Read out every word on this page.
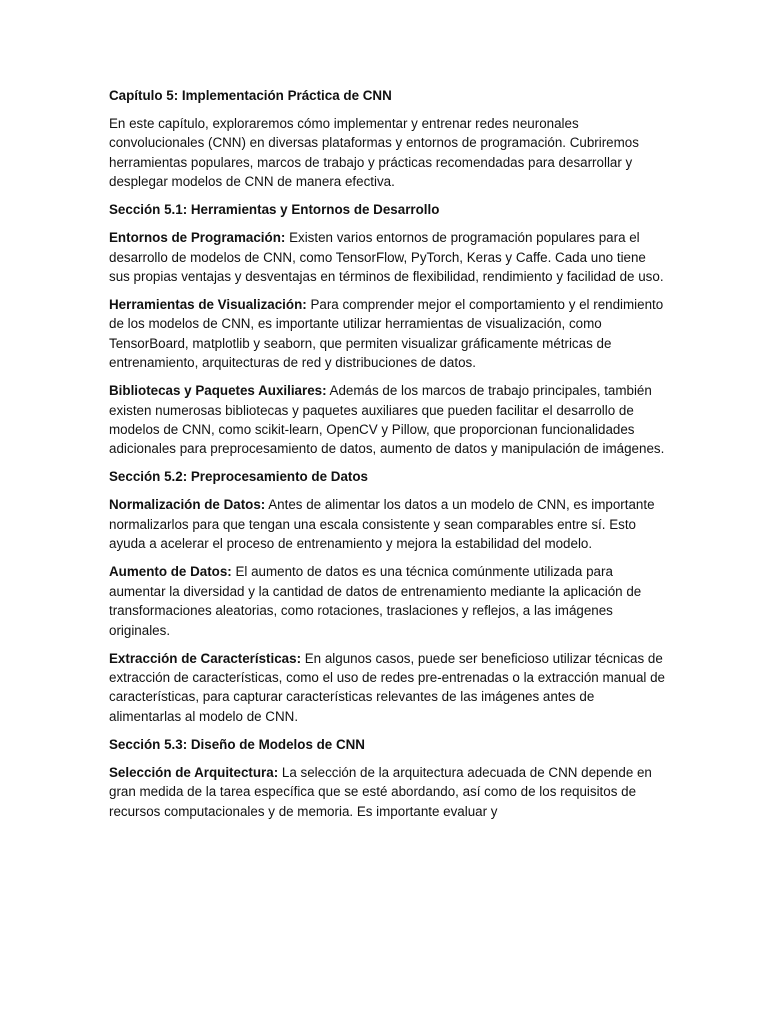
Capítulo 5: Implementación Práctica de CNN

En este capítulo, exploraremos cómo implementar y entrenar redes neuronales convolucionales (CNN) en diversas plataformas y entornos de programación. Cubriremos herramientas populares, marcos de trabajo y prácticas recomendadas para desarrollar y desplegar modelos de CNN de manera efectiva.

Sección 5.1: Herramientas y Entornos de Desarrollo

Entornos de Programación: Existen varios entornos de programación populares para el desarrollo de modelos de CNN, como TensorFlow, PyTorch, Keras y Caffe. Cada uno tiene sus propias ventajas y desventajas en términos de flexibilidad, rendimiento y facilidad de uso.

Herramientas de Visualización: Para comprender mejor el comportamiento y el rendimiento de los modelos de CNN, es importante utilizar herramientas de visualización, como TensorBoard, matplotlib y seaborn, que permiten visualizar gráficamente métricas de entrenamiento, arquitecturas de red y distribuciones de datos.

Bibliotecas y Paquetes Auxiliares: Además de los marcos de trabajo principales, también existen numerosas bibliotecas y paquetes auxiliares que pueden facilitar el desarrollo de modelos de CNN, como scikit-learn, OpenCV y Pillow, que proporcionan funcionalidades adicionales para preprocesamiento de datos, aumento de datos y manipulación de imágenes.

Sección 5.2: Preprocesamiento de Datos

Normalización de Datos: Antes de alimentar los datos a un modelo de CNN, es importante normalizarlos para que tengan una escala consistente y sean comparables entre sí. Esto ayuda a acelerar el proceso de entrenamiento y mejora la estabilidad del modelo.

Aumento de Datos: El aumento de datos es una técnica comúnmente utilizada para aumentar la diversidad y la cantidad de datos de entrenamiento mediante la aplicación de transformaciones aleatorias, como rotaciones, traslaciones y reflejos, a las imágenes originales.

Extracción de Características: En algunos casos, puede ser beneficioso utilizar técnicas de extracción de características, como el uso de redes pre-entrenadas o la extracción manual de características, para capturar características relevantes de las imágenes antes de alimentarlas al modelo de CNN.

Sección 5.3: Diseño de Modelos de CNN

Selección de Arquitectura: La selección de la arquitectura adecuada de CNN depende en gran medida de la tarea específica que se esté abordando, así como de los requisitos de recursos computacionales y de memoria. Es importante evaluar y
